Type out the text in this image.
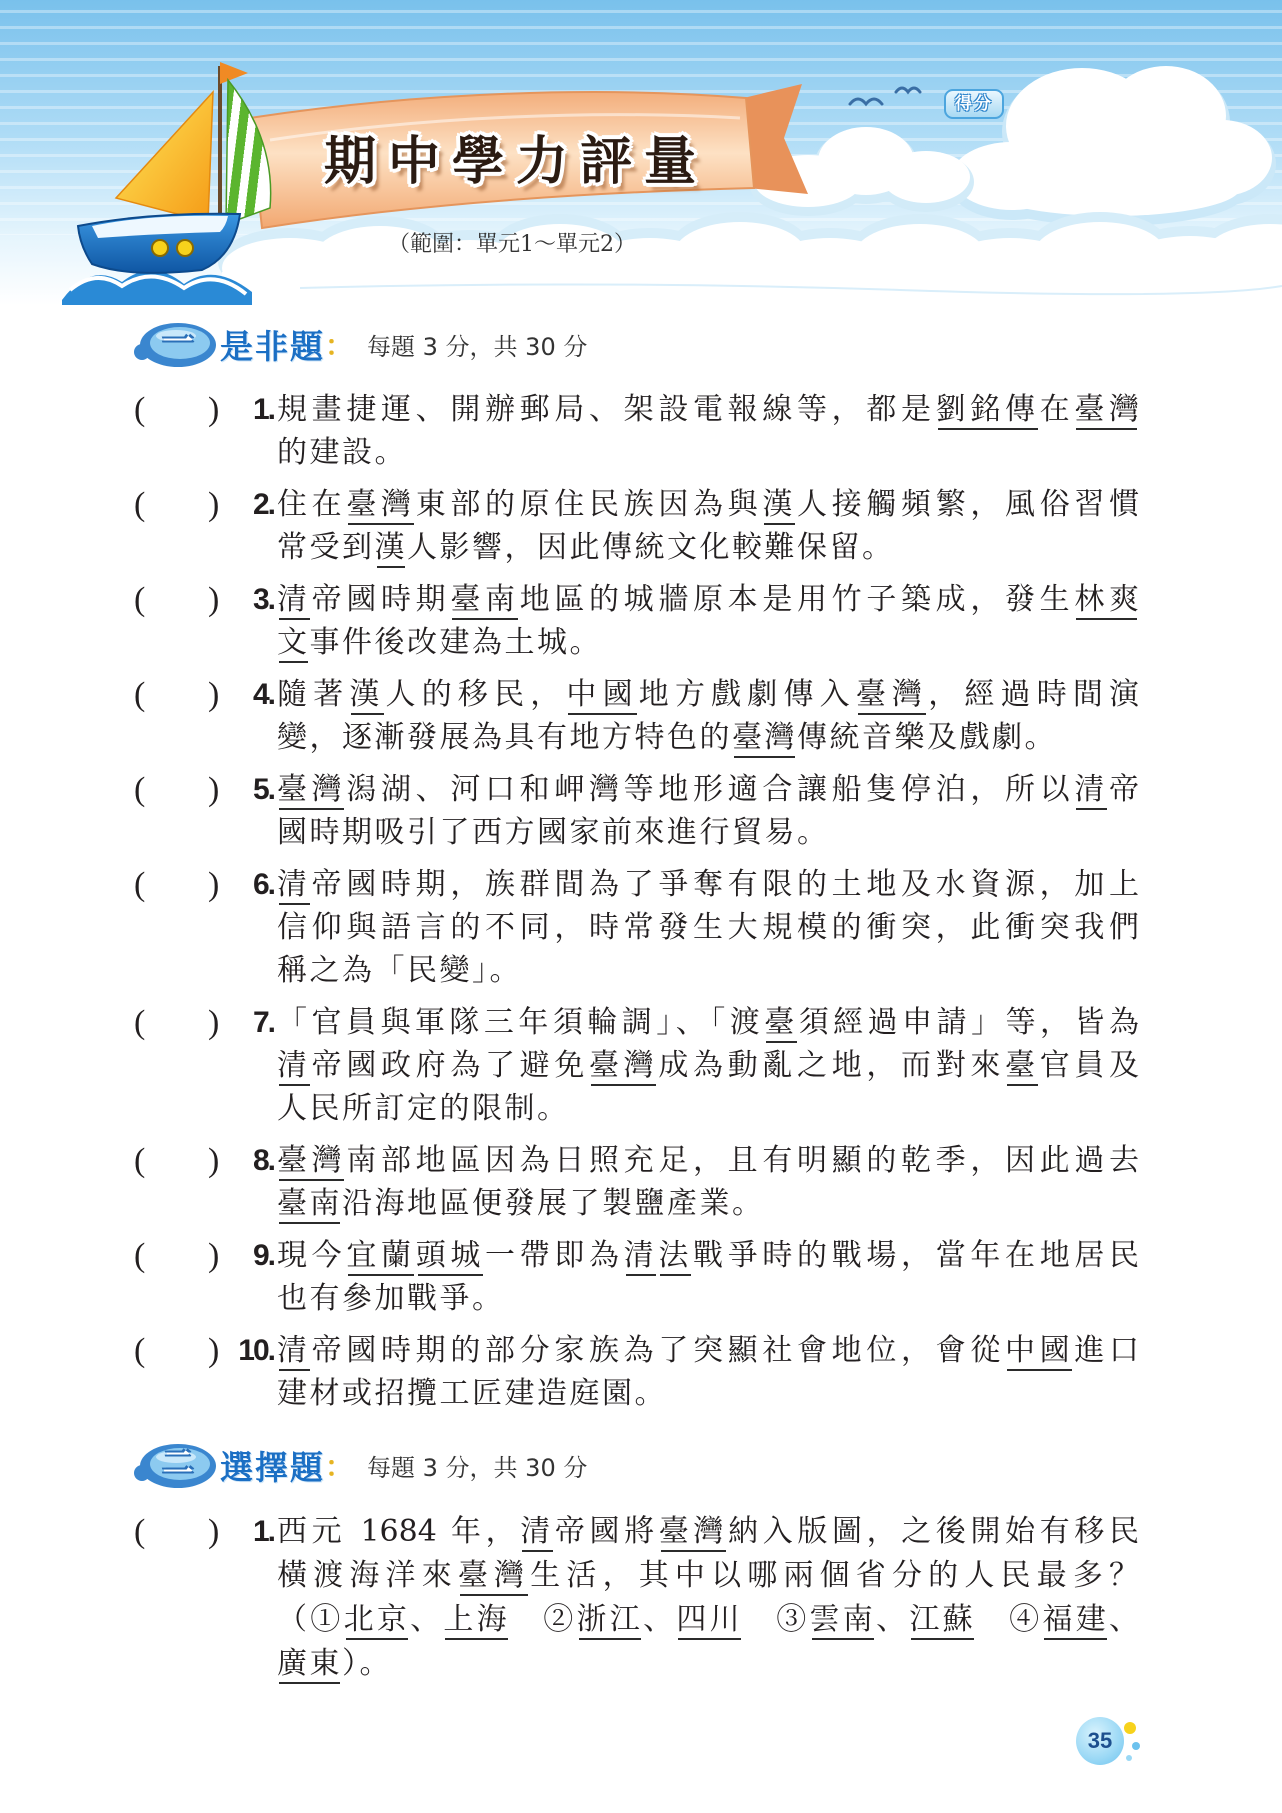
期中學力評量
（範圍：單元1～單元2）
得分
一 是非題 ： 每題 3 分，共 30 分
( )	1. 規畫捷運、開辦郵局、架設電報線等，都是劉銘傳在臺灣
的建設。
( )	2. 住在臺灣東部的原住民族因為與漢人接觸頻繁，風俗習慣
常受到漢人影響，因此傳統文化較難保留。
( )	3. 清帝國時期臺南地區的城牆原本是用竹子築成，發生林爽
文事件後改建為土城。
( )	4. 隨著漢人的移民，中國地方戲劇傳入臺灣，經過時間演
變，逐漸發展為具有地方特色的臺灣傳統音樂及戲劇。
( )	5. 臺灣潟湖、河口和岬灣等地形適合讓船隻停泊，所以清帝
國時期吸引了西方國家前來進行貿易。
( )	6. 清帝國時期，族群間為了爭奪有限的土地及水資源，加上
信仰與語言的不同，時常發生大規模的衝突，此衝突我們
稱之為「民變」。
( )	7. 「官員與軍隊三年須輪調」、「渡臺須經過申請」等，皆為
清帝國政府為了避免臺灣成為動亂之地，而對來臺官員及
人民所訂定的限制。
( )	8. 臺灣南部地區因為日照充足，且有明顯的乾季，因此過去
臺南沿海地區便發展了製鹽產業。
( )	9. 現今宜蘭頭城一帶即為清法戰爭時的戰場，當年在地居民
也有參加戰爭。
( ) 10. 清帝國時期的部分家族為了突顯社會地位，會從中國進口
建材或招攬工匠建造庭園。
二 選擇題 ： 每題 3 分，共 30 分
( )	1. 西元 1684 年，清帝國將臺灣納入版圖，之後開始有移民
橫渡海洋來臺灣生活，其中以哪兩個省分的人民最多？
（①北京、上海　②浙江、四川　③雲南、江蘇　④福建、
廣東）。
35
